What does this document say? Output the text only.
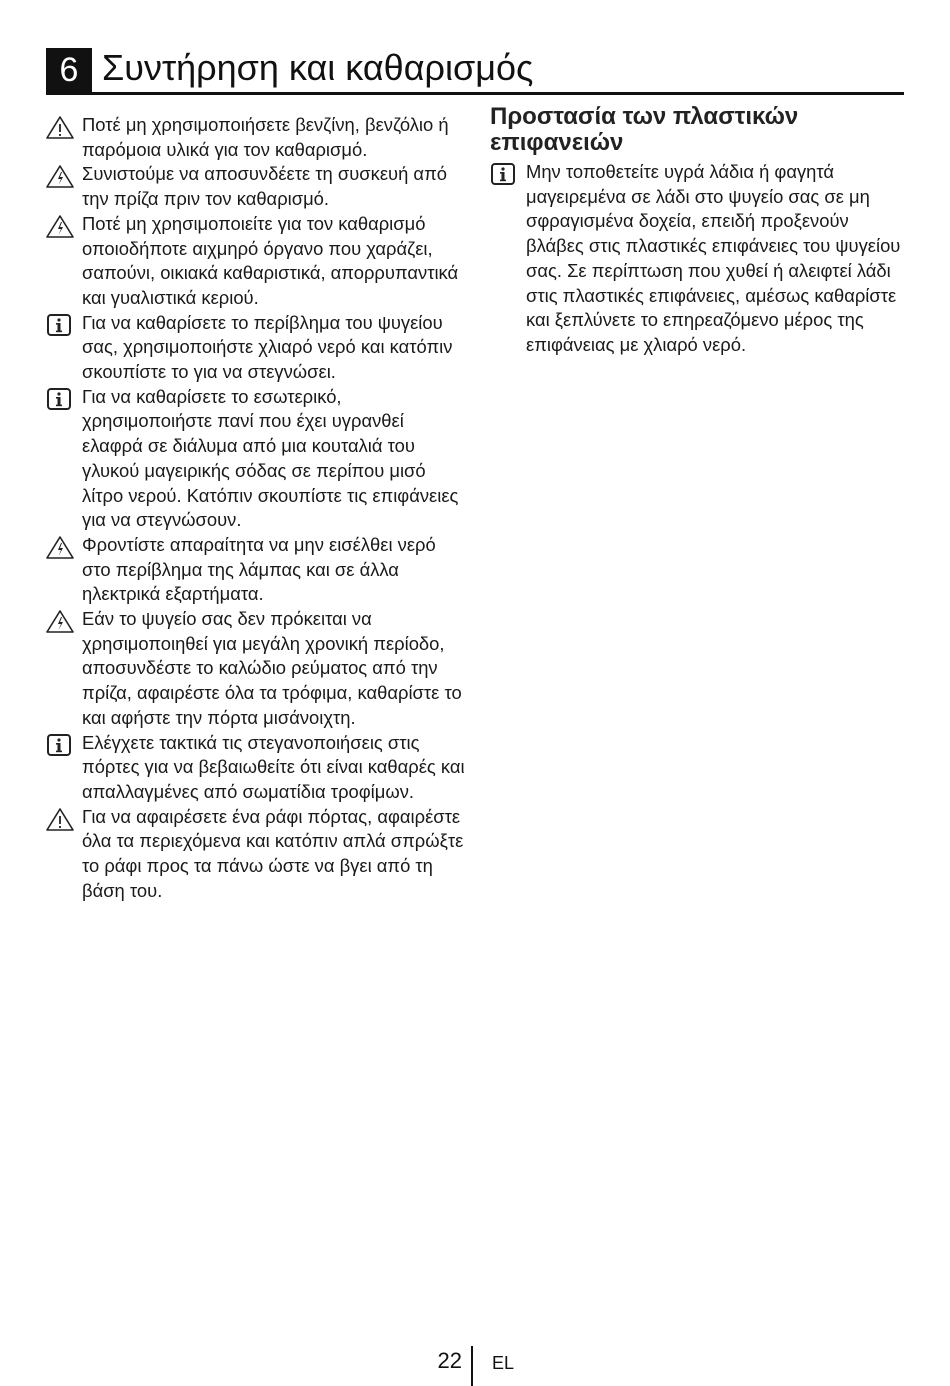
6 Συντήρηση και καθαρισμός
Ποτέ μη χρησιμοποιήσετε βενζίνη, βενζόλιο ή παρόμοια υλικά για τον καθαρισμό.
Συνιστούμε να αποσυνδέετε τη συσκευή από την πρίζα πριν τον καθαρισμό.
Ποτέ μη χρησιμοποιείτε για τον καθαρισμό οποιοδήποτε αιχμηρό όργανο που χαράζει, σαπούνι, οικιακά καθαριστικά, απορρυπαντικά και γυαλιστικά κεριού.
Για να καθαρίσετε το περίβλημα του ψυγείου σας, χρησιμοποιήστε χλιαρό νερό και κατόπιν σκουπίστε το για να στεγνώσει.
Για να καθαρίσετε το εσωτερικό, χρησιμοποιήστε πανί που έχει υγρανθεί ελαφρά σε διάλυμα από μια κουταλιά του γλυκού μαγειρικής σόδας σε περίπου μισό λίτρο νερού. Κατόπιν σκουπίστε τις επιφάνειες για να στεγνώσουν.
Φροντίστε απαραίτητα να μην εισέλθει νερό στο περίβλημα της λάμπας και σε άλλα ηλεκτρικά εξαρτήματα.
Εάν το ψυγείο σας δεν πρόκειται να χρησιμοποιηθεί για μεγάλη χρονική περίοδο, αποσυνδέστε το καλώδιο ρεύματος από την πρίζα, αφαιρέστε όλα τα τρόφιμα, καθαρίστε το και αφήστε την πόρτα μισάνοιχτη.
Ελέγχετε τακτικά τις στεγανοποιήσεις στις πόρτες για να βεβαιωθείτε ότι είναι καθαρές και απαλλαγμένες από σωματίδια τροφίμων.
Για να αφαιρέσετε ένα ράφι πόρτας, αφαιρέστε όλα τα περιεχόμενα και κατόπιν απλά σπρώξτε το ράφι προς τα πάνω ώστε να βγει από τη βάση του.
Προστασία των πλαστικών επιφανειών
Μην τοποθετείτε υγρά λάδια ή φαγητά μαγειρεμένα σε λάδι στο ψυγείο σας σε μη σφραγισμένα δοχεία, επειδή προξενούν βλάβες στις πλαστικές επιφάνειες του ψυγείου σας. Σε περίπτωση που χυθεί ή αλειφτεί λάδι στις πλαστικές επιφάνειες, αμέσως καθαρίστε και ξεπλύνετε το επηρεαζόμενο μέρος της επιφάνειας με χλιαρό νερό.
22 EL
